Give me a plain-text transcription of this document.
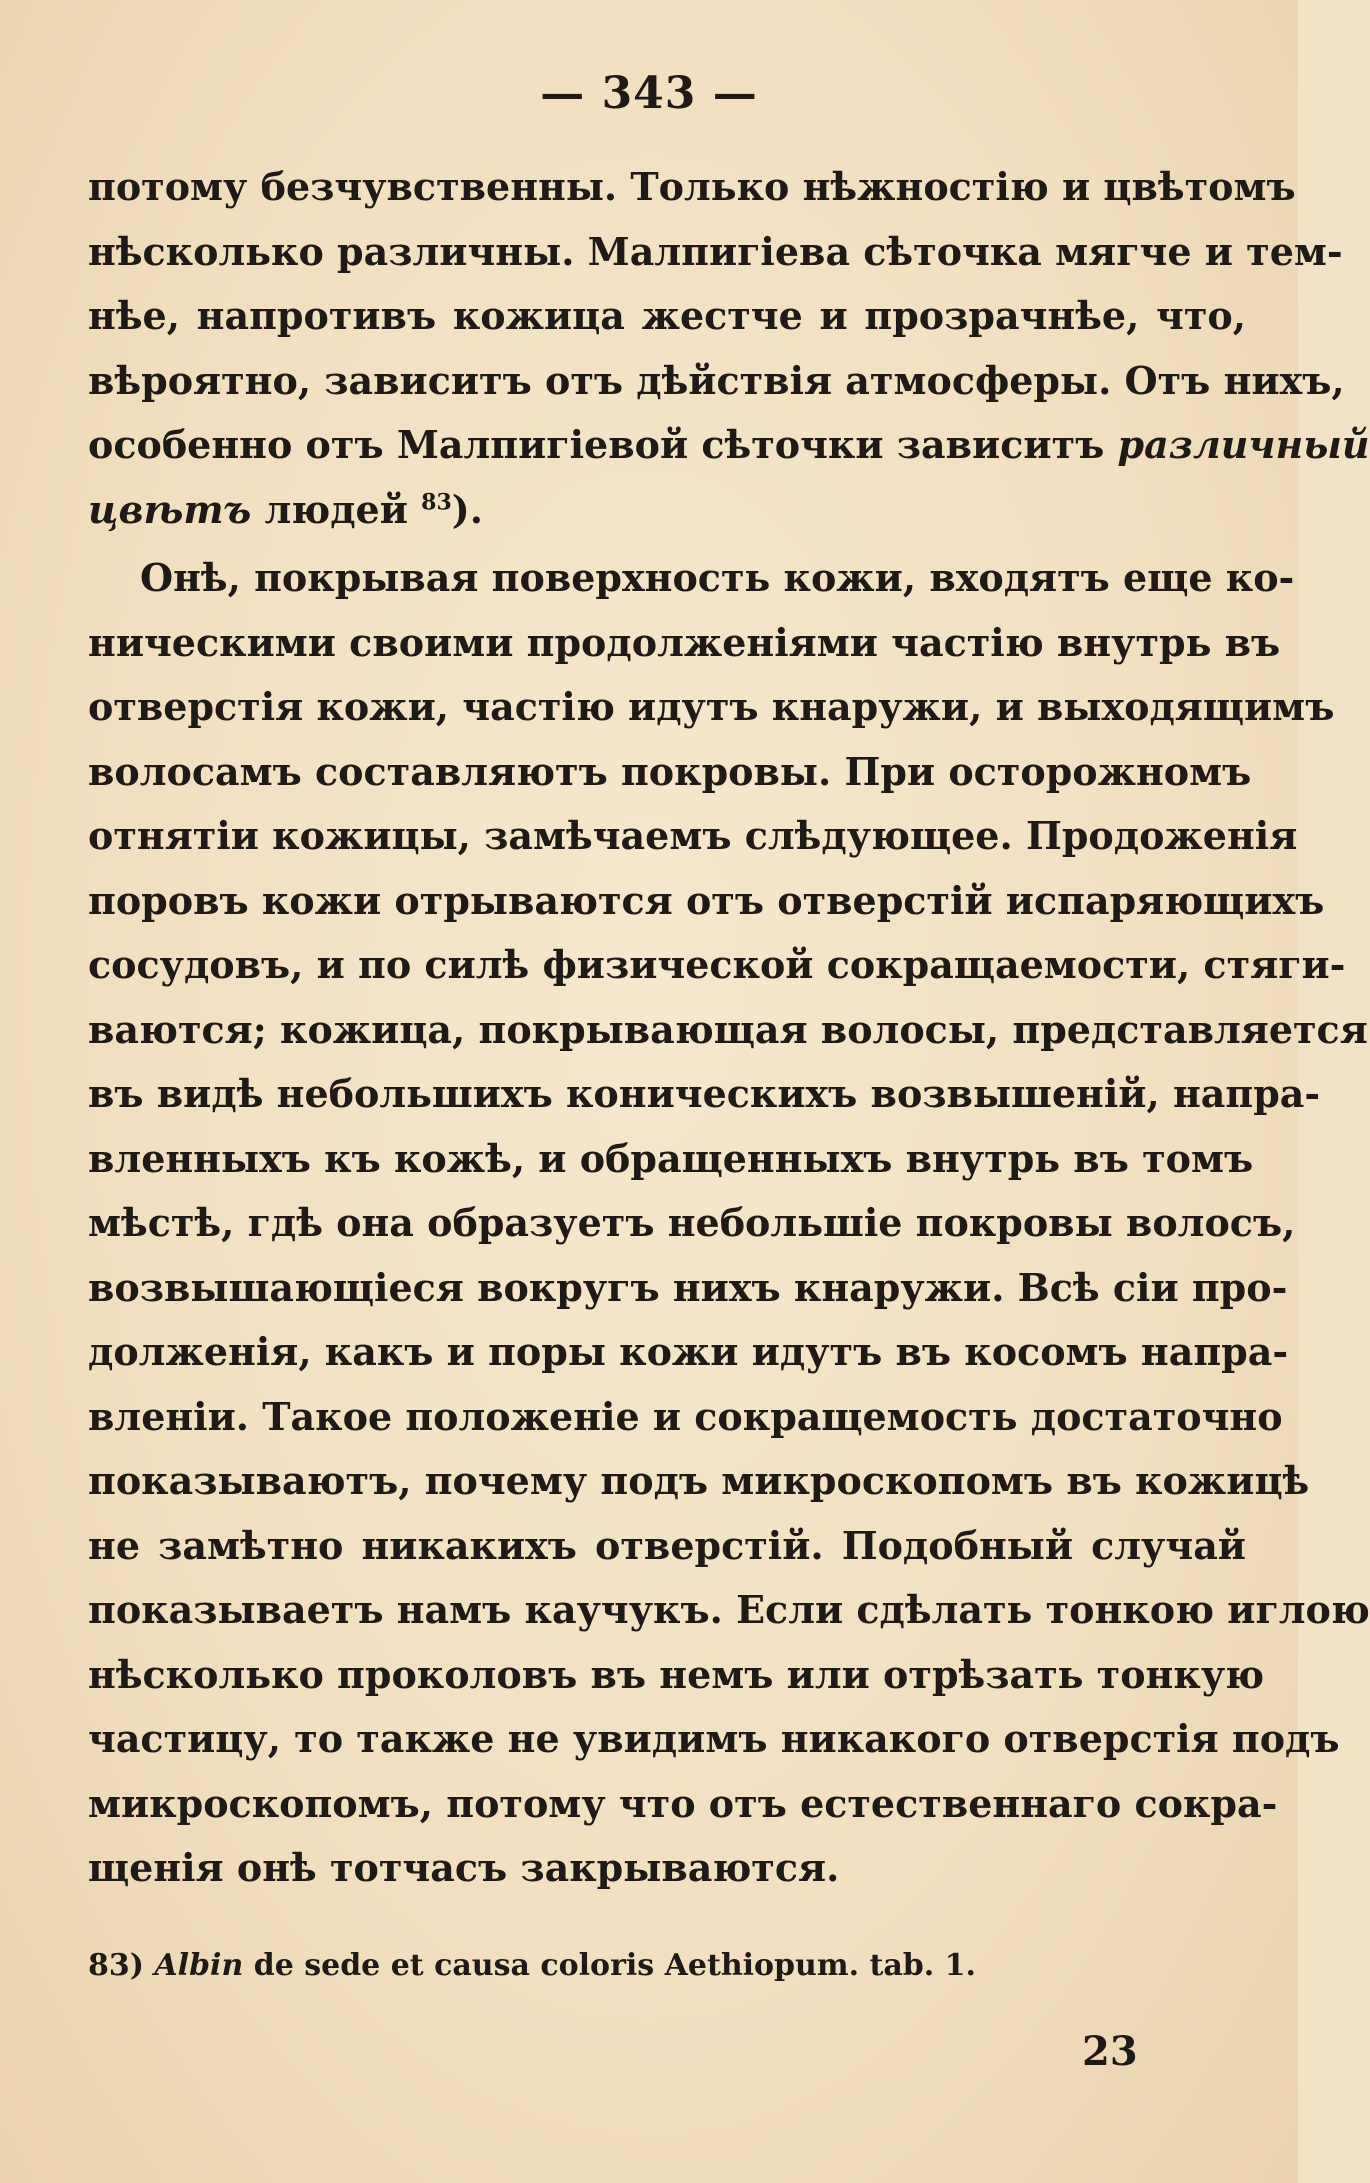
— 343 —
потому безчувственны. Только нѣжностію и цвѣтомъ
нѣсколько различны. Малпигіева сѣточка мягче и тем-
нѣе, напротивъ кожица жестче и прозрачнѣе, что,
вѣроятно, зависитъ отъ дѣйствія атмосферы. Отъ нихъ,
особенно отъ Малпигіевой сѣточки зависитъ различный
цвѣтъ людей $^{83}$).
Онѣ, покрывая поверхность кожи, входятъ еще ко-
ническими своими продолженіями частію внутрь въ
отверстія кожи, частію идутъ кнаружи, и выходящимъ
волосамъ составляютъ покровы. При осторожномъ
отнятіи кожицы, замѣчаемъ слѣдующее. Продоженія
поровъ кожи отрываются отъ отверстій испаряющихъ
сосудовъ, и по силѣ физической сокращаемости, стяги-
ваются; кожица, покрывающая волосы, представляется
въ видѣ небольшихъ коническихъ возвышеній, напра-
вленныхъ къ кожѣ, и обращенныхъ внутрь въ томъ
мѣстѣ, гдѣ она образуетъ небольшіе покровы волосъ,
возвышающіеся вокругъ нихъ кнаружи. Всѣ сіи про-
долженія, какъ и поры кожи идутъ въ косомъ напра-
вленіи. Такое положеніе и сокращемость достаточно
показываютъ, почему подъ микроскопомъ въ кожицѣ
не замѣтно никакихъ отверстій. Подобный случай
показываетъ намъ каучукъ. Если сдѣлать тонкою иглою
нѣсколько проколовъ въ немъ или отрѣзать тонкую
частицу, то также не увидимъ никакого отверстія подъ
микроскопомъ, потому что отъ естественнаго сокра-
щенія онѣ тотчасъ закрываются.
83) Albin de sede et causa coloris Aethiopum. tab. 1.
23
